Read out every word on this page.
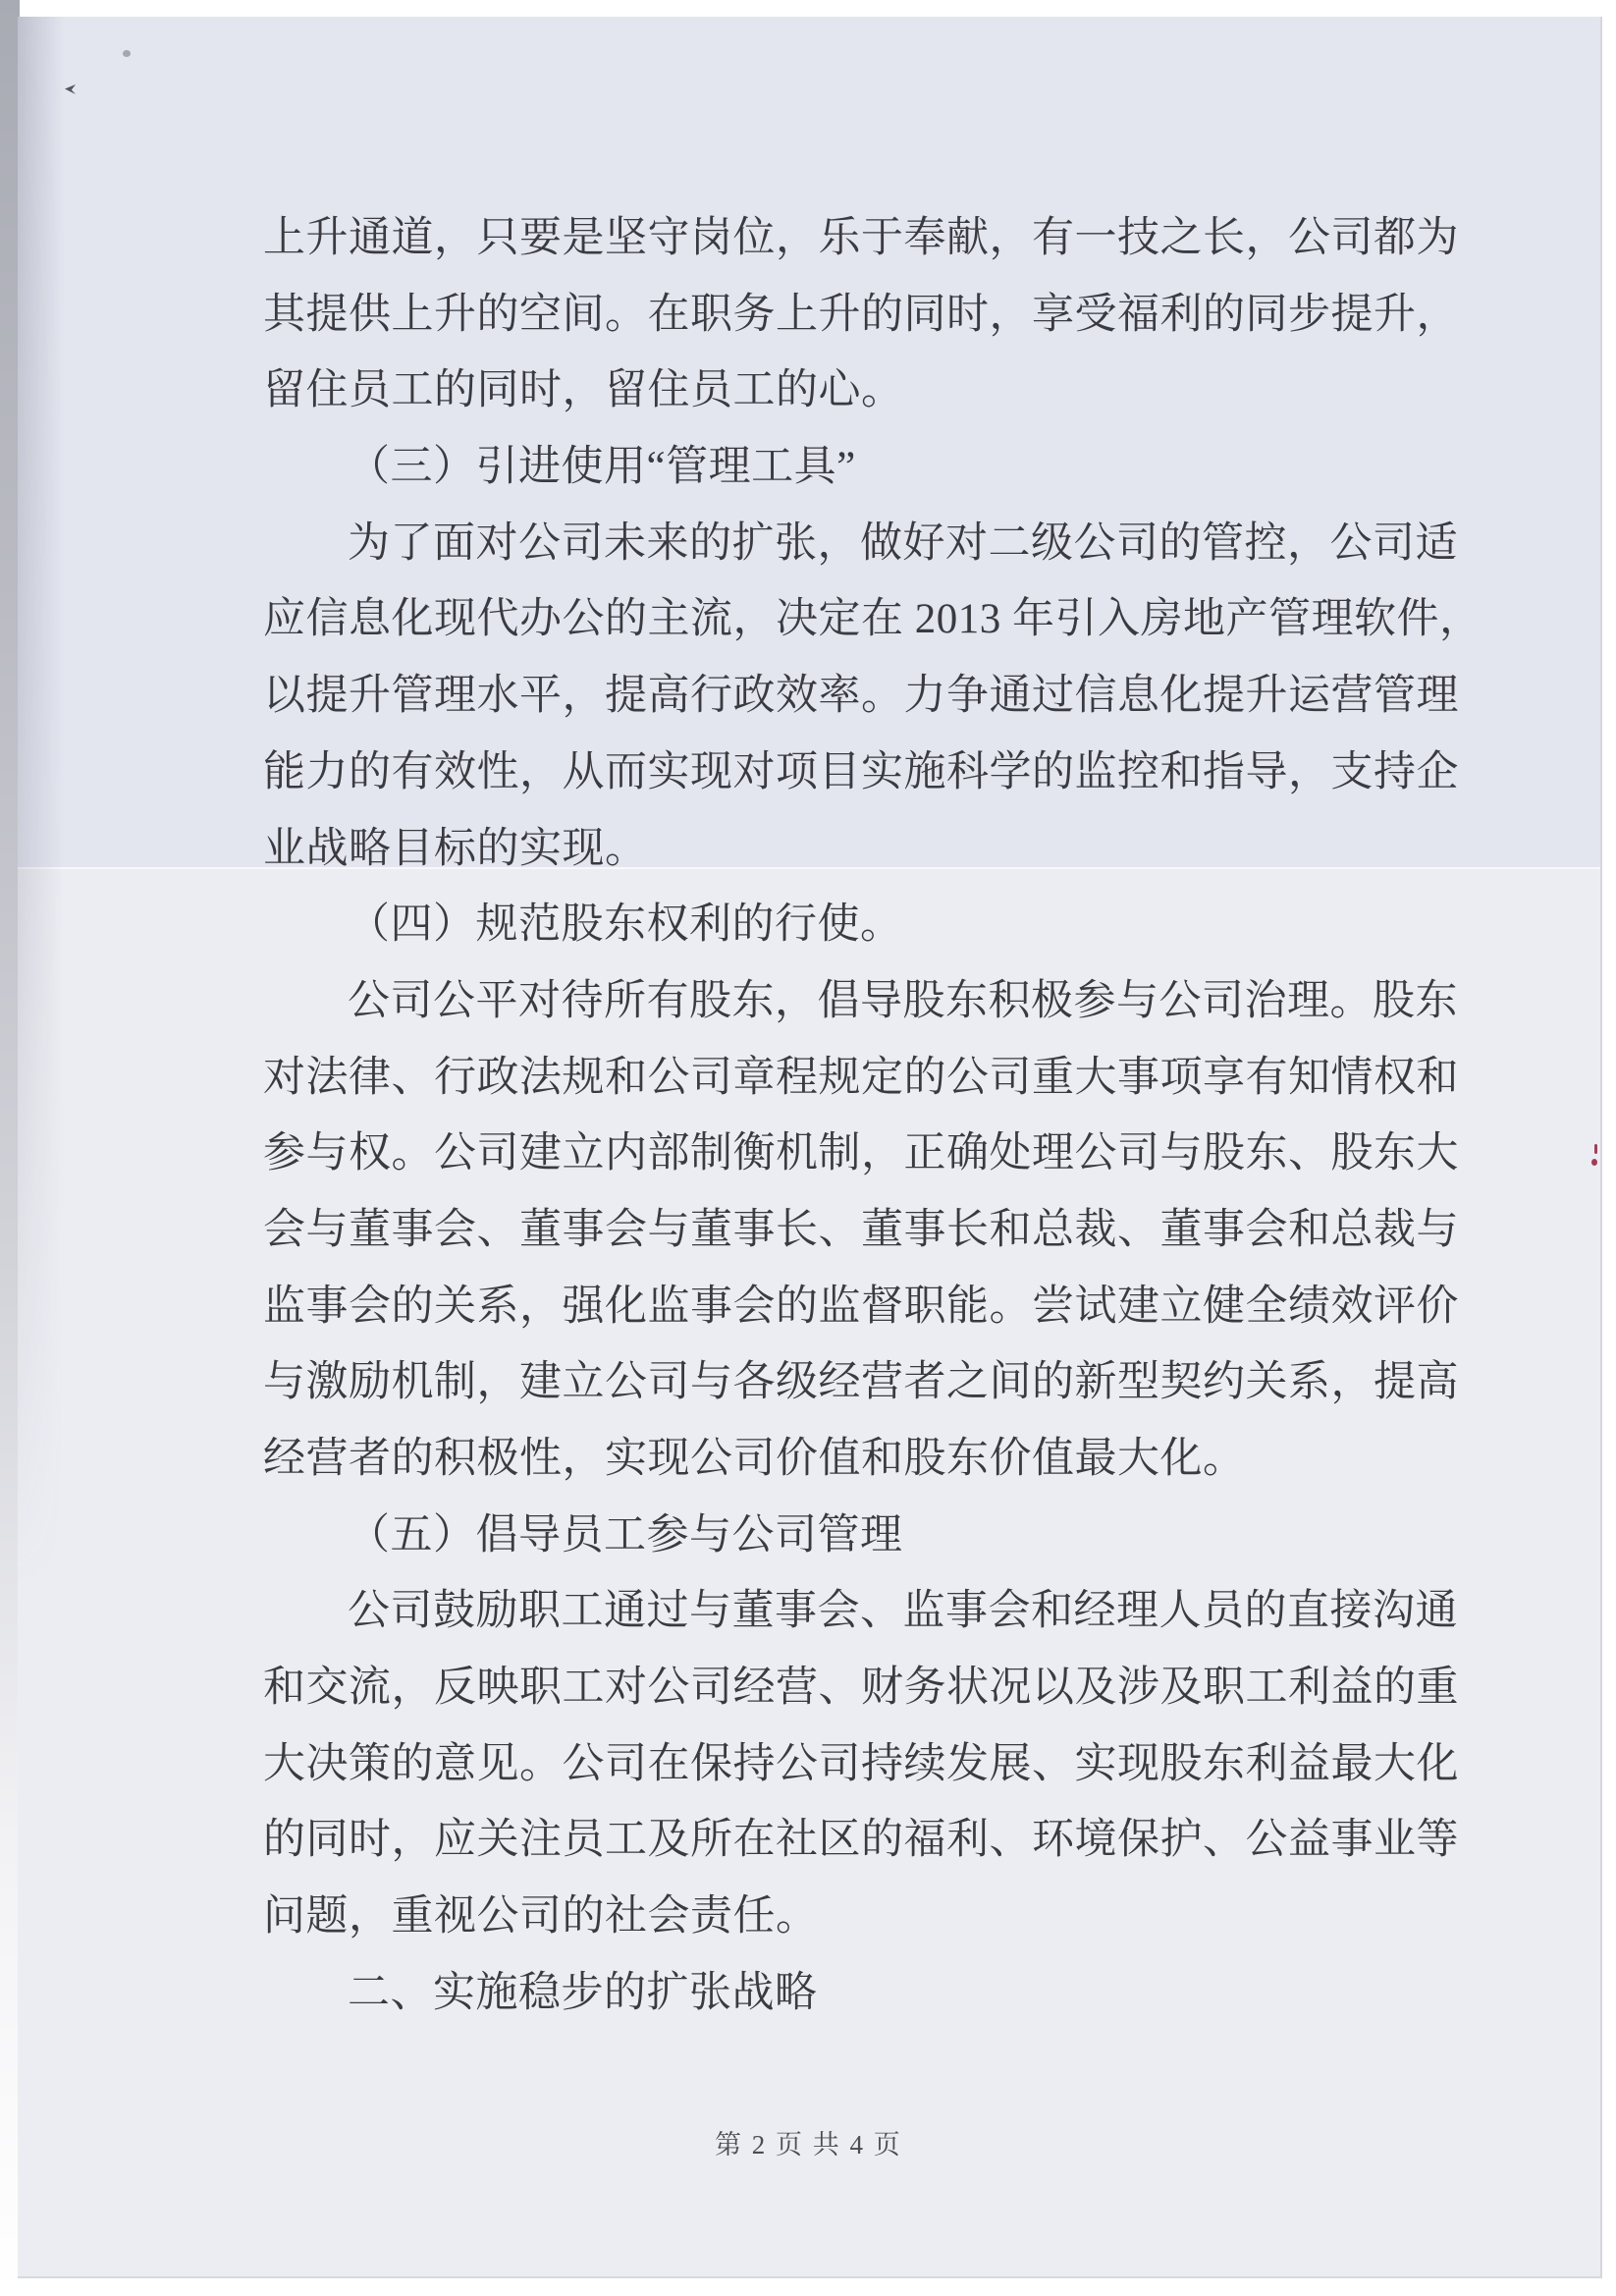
上升通道，只要是坚守岗位，乐于奉献，有一技之长，公司都为
其提供上升的空间。在职务上升的同时，享受福利的同步提升，
留住员工的同时，留住员工的心。
（三）引进使用“管理工具”
为了面对公司未来的扩张，做好对二级公司的管控，公司适
应信息化现代办公的主流，决定在 2013 年引入房地产管理软件，
以提升管理水平，提高行政效率。力争通过信息化提升运营管理
能力的有效性，从而实现对项目实施科学的监控和指导，支持企
业战略目标的实现。
（四）规范股东权利的行使。
公司公平对待所有股东，倡导股东积极参与公司治理。股东
对法律、行政法规和公司章程规定的公司重大事项享有知情权和
参与权。公司建立内部制衡机制，正确处理公司与股东、股东大
会与董事会、董事会与董事长、董事长和总裁、董事会和总裁与
监事会的关系，强化监事会的监督职能。尝试建立健全绩效评价
与激励机制，建立公司与各级经营者之间的新型契约关系，提高
经营者的积极性，实现公司价值和股东价值最大化。
（五）倡导员工参与公司管理
公司鼓励职工通过与董事会、监事会和经理人员的直接沟通
和交流，反映职工对公司经营、财务状况以及涉及职工利益的重
大决策的意见。公司在保持公司持续发展、实现股东利益最大化
的同时，应关注员工及所在社区的福利、环境保护、公益事业等
问题，重视公司的社会责任。
二、实施稳步的扩张战略
第 2 页 共 4 页
